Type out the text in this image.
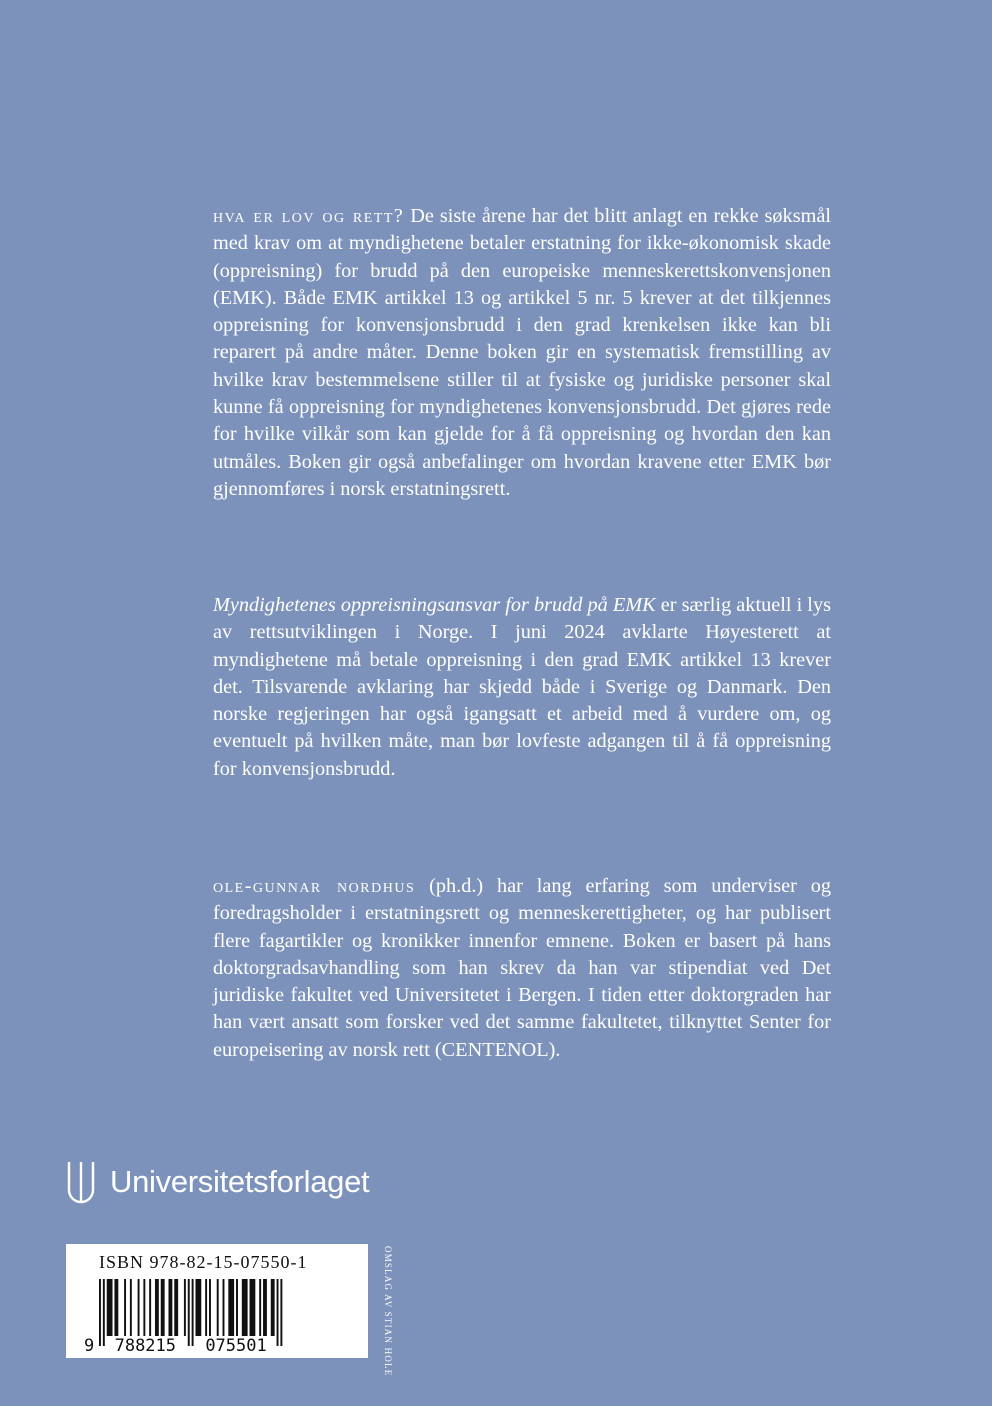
hva er lov og rett? De siste årene har det blitt anlagt en rekke søksmål med krav om at myndighetene betaler erstatning for ikke-økonomisk skade (oppreisning) for brudd på den europeiske menneskerettskonvensjonen (EMK). Både EMK artikkel 13 og artikkel 5 nr. 5 krever at det tilkjennes oppreisning for konvensjonsbrudd i den grad krenkelsen ikke kan bli reparert på andre måter. Denne boken gir en systematisk fremstilling av hvilke krav bestemmelsene stiller til at fysiske og juridiske personer skal kunne få oppreisning for myndighetenes konvensjonsbrudd. Det gjøres rede for hvilke vilkår som kan gjelde for å få oppreisning og hvordan den kan utmåles. Boken gir også anbefalinger om hvordan kravene etter EMK bør gjennomføres i norsk erstatningsrett.

Myndighetenes oppreisningsansvar for brudd på EMK er særlig aktuell i lys av rettsutviklingen i Norge. I juni 2024 avklarte Høyesterett at myndighetene må betale oppreisning i den grad EMK artikkel 13 krever det. Tilsvarende avklaring har skjedd både i Sverige og Danmark. Den norske regjeringen har også igangsatt et arbeid med å vurdere om, og eventuelt på hvilken måte, man bør lovfeste adgangen til å få oppreisning for konvensjonsbrudd.

ole-gunnar nordhus (ph.d.) har lang erfaring som underviser og foredragsholder i erstatningsrett og menneskerettigheter, og har publisert flere fagartikler og kronikker innenfor emnene. Boken er basert på hans doktorgradsavhandling som han skrev da han var stipendiat ved Det juridiske fakultet ved Universitetet i Bergen. I tiden etter doktorgraden har han vært ansatt som forsker ved det samme fakultetet, tilknyttet Senter for europeisering av norsk rett (CENTENOL).

Universitetsforlaget

ISBN 978-82-15-07550-1

9 788215 075501	OMSLAG AV STIAN HOLE
